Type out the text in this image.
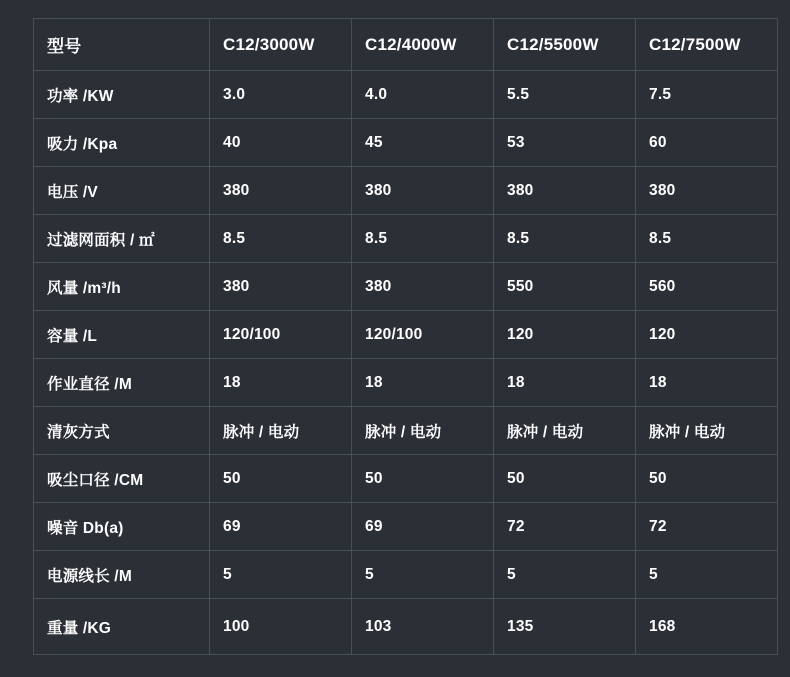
型号	C12/3000W	C12/4000W	C12/5500W	C12/7500W
功率 /KW	3.0	4.0	5.5	7.5
吸力 /Kpa	40	45	53	60
电压 /V	380	380	380	380
过滤网面积 / ㎡	8.5	8.5	8.5	8.5
风量 /m³/h	380	380	550	560
容量 /L	120/100	120/100	120	120
作业直径 /M	18	18	18	18
清灰方式	脉冲 / 电动	脉冲 / 电动	脉冲 / 电动	脉冲 / 电动
吸尘口径 /CM	50	50	50	50
噪音 Db(a)	69	69	72	72
电源线长 /M	5	5	5	5
重量 /KG	100	103	135	168
